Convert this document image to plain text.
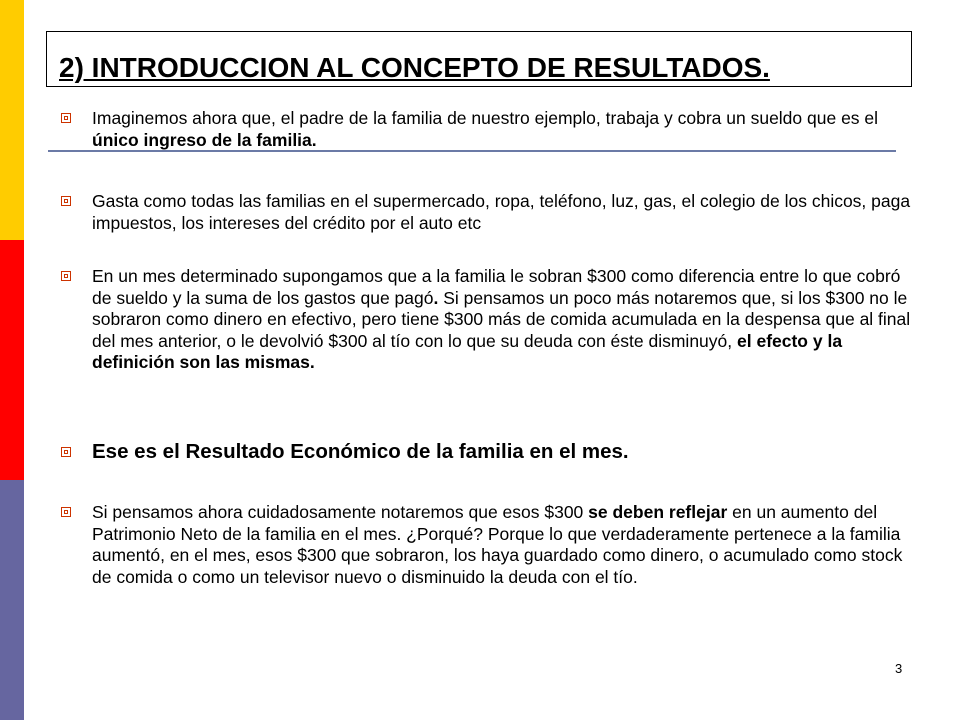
2) INTRODUCCION AL CONCEPTO DE RESULTADOS.
Imaginemos ahora que, el padre de la familia de nuestro ejemplo, trabaja y cobra un sueldo que es el único ingreso de la familia.
Gasta como todas las familias en el supermercado, ropa, teléfono, luz, gas, el colegio de los chicos, paga impuestos, los intereses del crédito por el auto etc
En un mes determinado supongamos que a la familia le sobran $300 como diferencia entre lo que cobró de sueldo y la suma de los gastos que pagó. Si pensamos un poco más notaremos que, si los $300 no le sobraron como dinero en efectivo, pero tiene $300 más de comida acumulada en la despensa que al final del mes anterior, o le devolvió $300 al tío con lo que su deuda con éste disminuyó, el efecto y la definición son las mismas.
Ese es el Resultado Económico de la familia en el mes.
Si pensamos ahora cuidadosamente notaremos que esos $300 se deben reflejar en un aumento del Patrimonio Neto de la familia en el mes. ¿Porqué? Porque lo que verdaderamente pertenece a la familia aumentó, en el mes, esos $300 que sobraron, los haya guardado como dinero, o acumulado como stock de comida o como un televisor nuevo o disminuido la deuda con el tío.
3
